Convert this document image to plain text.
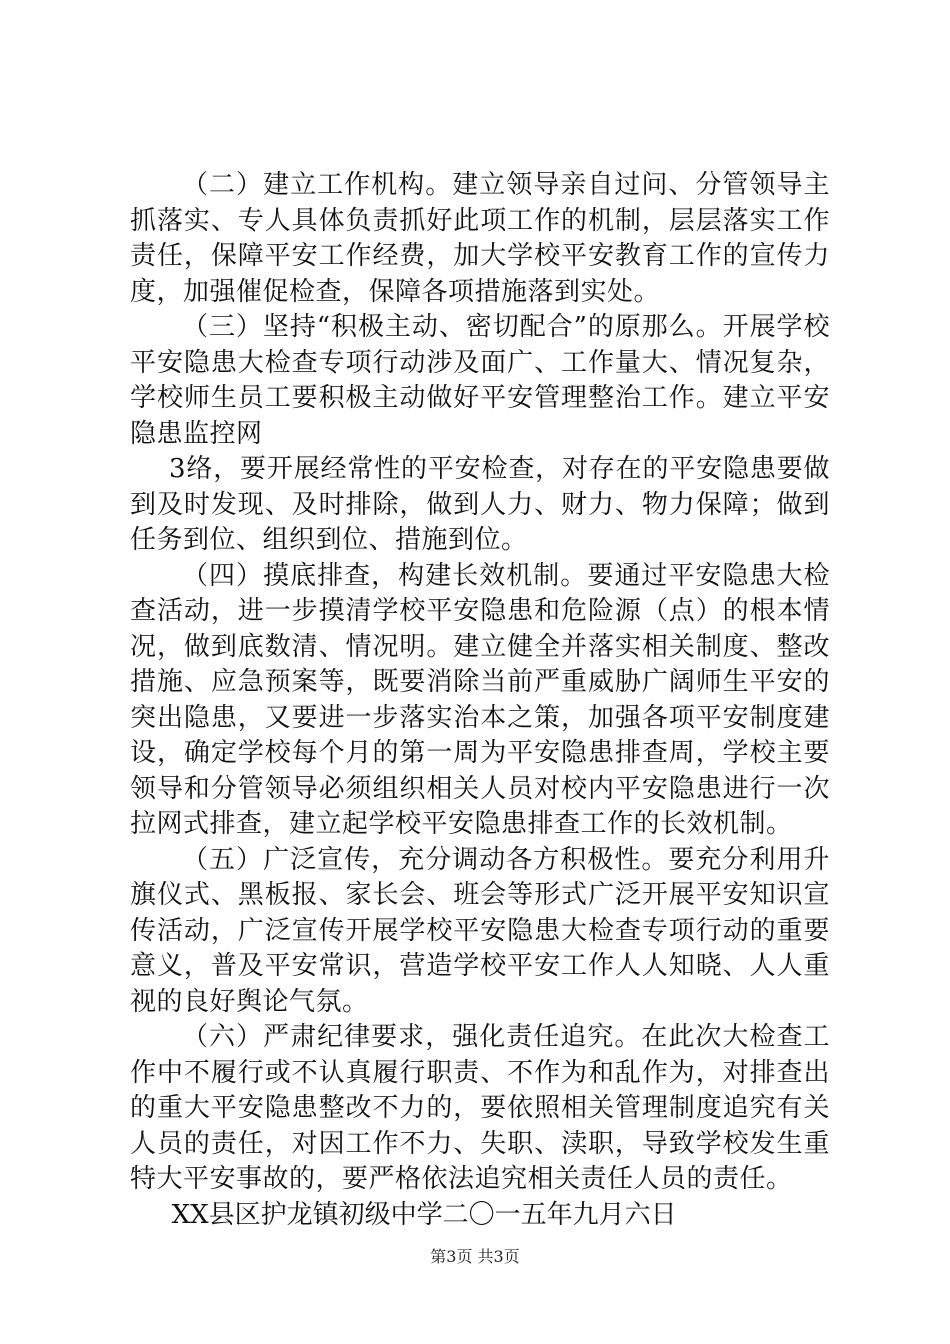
（二）建立工作机构。建立领导亲自过问、分管领导主抓落实、专人具体负责抓好此项工作的机制，层层落实工作责任，保障平安工作经费，加大学校平安教育工作的宣传力度，加强催促检查，保障各项措施落到实处。

（三）坚持“积极主动、密切配合”的原那么。开展学校平安隐患大检查专项行动涉及面广、工作量大、情况复杂，学校师生员工要积极主动做好平安管理整治工作。建立平安隐患监控网

3络，要开展经常性的平安检查，对存在的平安隐患要做到及时发现、及时排除，做到人力、财力、物力保障；做到任务到位、组织到位、措施到位。

（四）摸底排查，构建长效机制。要通过平安隐患大检查活动，进一步摸清学校平安隐患和危险源（点）的根本情况，做到底数清、情况明。建立健全并落实相关制度、整改措施、应急预案等，既要消除当前严重威胁广阔师生平安的突出隐患，又要进一步落实治本之策，加强各项平安制度建设，确定学校每个月的第一周为平安隐患排查周，学校主要领导和分管领导必须组织相关人员对校内平安隐患进行一次拉网式排查，建立起学校平安隐患排查工作的长效机制。

（五）广泛宣传，充分调动各方积极性。要充分利用升旗仪式、黑板报、家长会、班会等形式广泛开展平安知识宣传活动，广泛宣传开展学校平安隐患大检查专项行动的重要意义，普及平安常识，营造学校平安工作人人知晓、人人重视的良好舆论气氛。

（六）严肃纪律要求，强化责任追究。在此次大检查工作中不履行或不认真履行职责、不作为和乱作为，对排查出的重大平安隐患整改不力的，要依照相关管理制度追究有关人员的责任，对因工作不力、失职、渎职，导致学校发生重特大平安事故的，要严格依法追究相关责任人员的责任。

XX县区护龙镇初级中学二〇一五年九月六日

第3页 共3页
